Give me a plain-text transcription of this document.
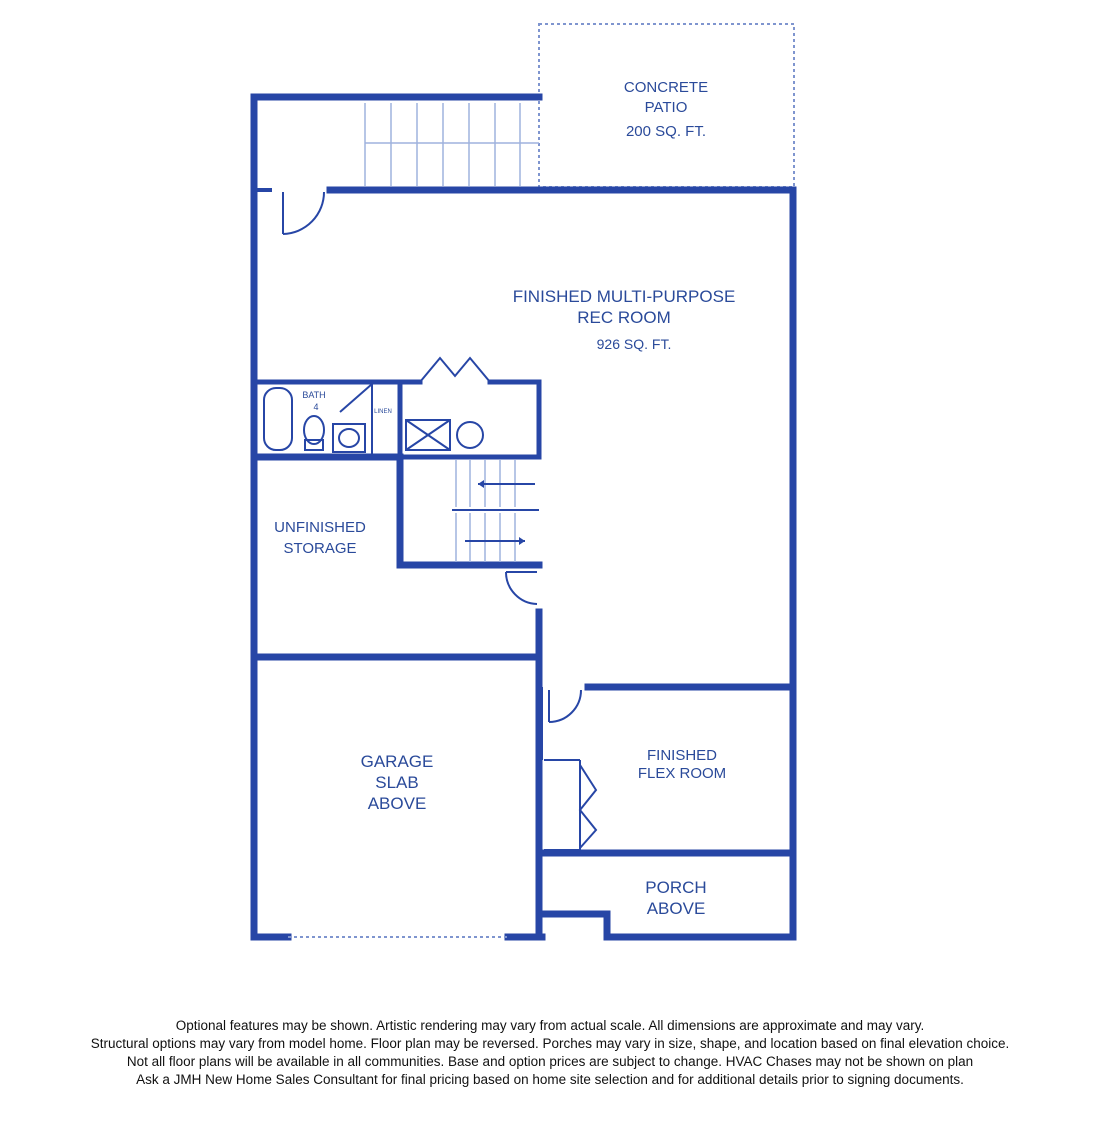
CONCRETE
PATIO
200 SQ. FT.
FINISHED MULTI-PURPOSE
REC ROOM
926 SQ. FT.
BATH
4	LINEN
UNFINISHED
STORAGE
GARAGE
SLAB
ABOVE
FINISHED
FLEX ROOM
PORCH
ABOVE
Optional features may be shown. Artistic rendering may vary from actual scale. All dimensions are approximate and may vary.
Structural options may vary from model home. Floor plan may be reversed. Porches may vary in size, shape, and location based on final elevation choice.
Not all floor plans will be available in all communities. Base and option prices are subject to change. HVAC Chases may not be shown on plan
Ask a JMH New Home Sales Consultant for final pricing based on home site selection and for additional details prior to signing documents.
